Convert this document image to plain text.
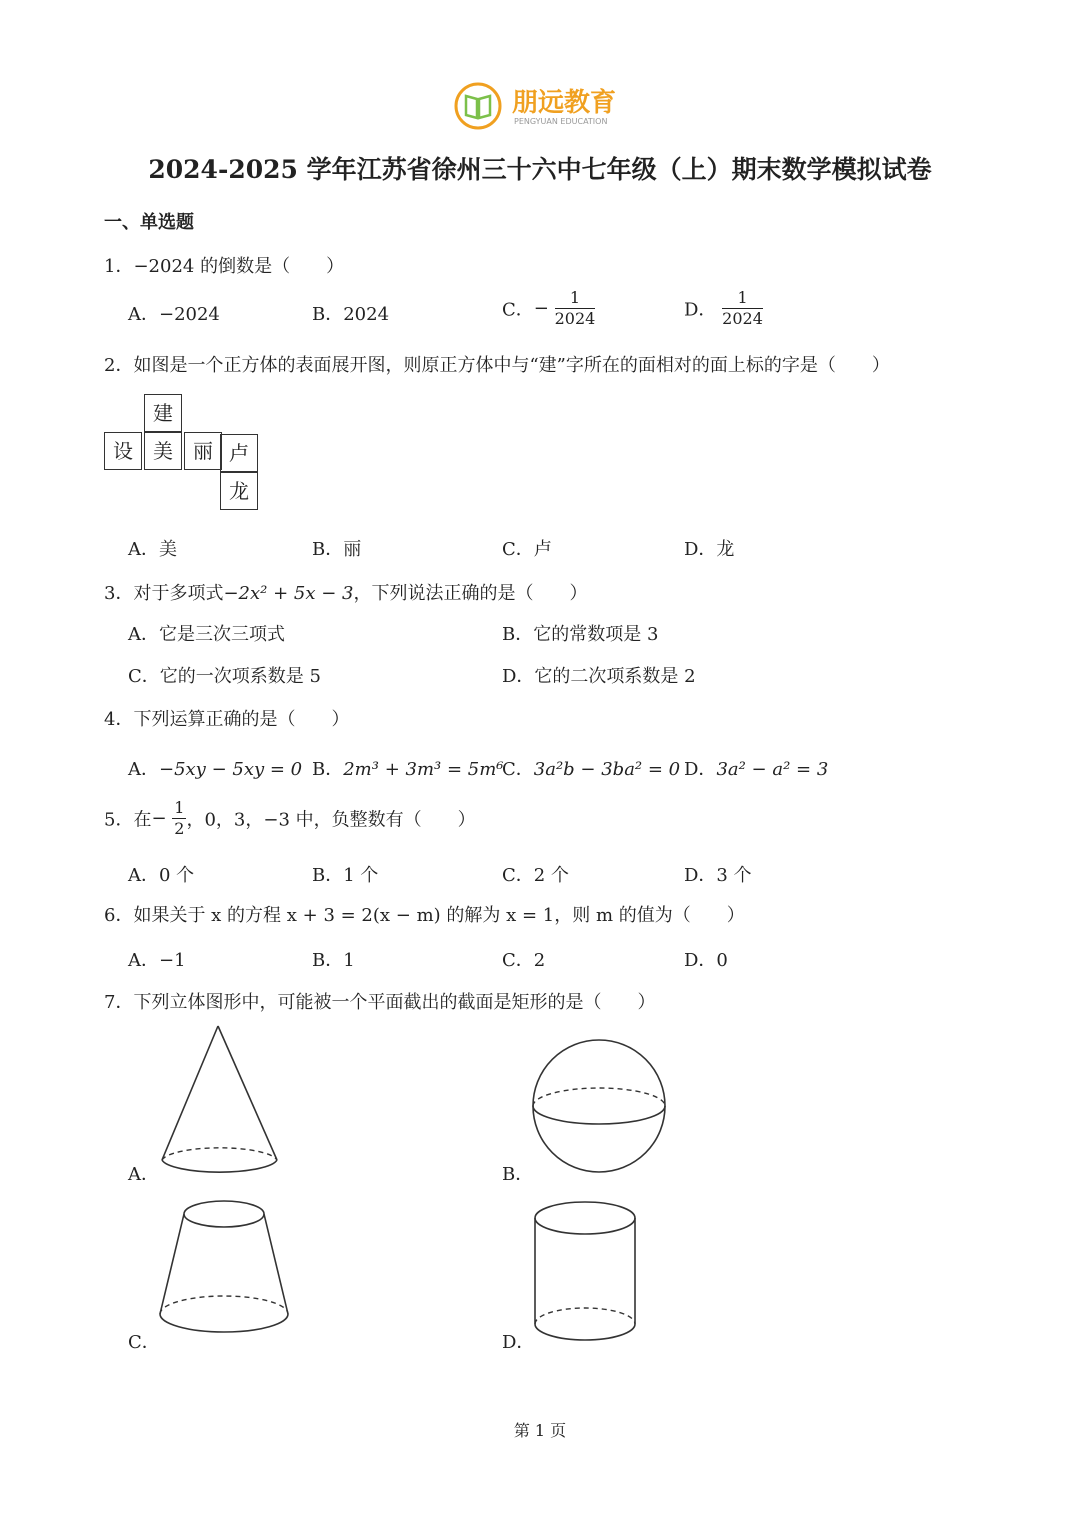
朋远教育
PENGYUAN EDUCATION
2024-2025 学年江苏省徐州三十六中七年级（上）期末数学模拟试卷
一、单选题
1．−2024 的倒数是（　　）
A．−2024	B．2024	C．− $\frac{1}{2024}$	D． $\frac{1}{2024}$
2．如图是一个正方体的表面展开图，则原正方体中与“建”字所在的面相对的面上标的字是（　　）
建
设	美	丽 卢
龙
A．美	B．丽	C．卢	D．龙
3．对于多项式−2x² + 5x − 3，下列说法正确的是（　　）
A．它是三次三项式	B．它的常数项是 3
C．它的一次项系数是 5	D．它的二次项系数是 2
4．下列运算正确的是（　　）
A．−5xy − 5xy = 0 B．2m³ + 3m³ = 5m⁶
C．3a²b − 3ba² = 0 D．3a² − a² = 3
5．在− $\frac{1}{2}$ ，0，3，−3 中，负整数有（　　）
A．0 个	B．1 个	C．2 个	D．3 个
6．如果关于 x 的方程 x + 3 = 2(x − m) 的解为 x = 1，则 m 的值为（　　）
A．−1	B．1	C．2	D．0
7．下列立体图形中，可能被一个平面截出的截面是矩形的是（　　）
A．	B．
C．	D．
第 1 页
